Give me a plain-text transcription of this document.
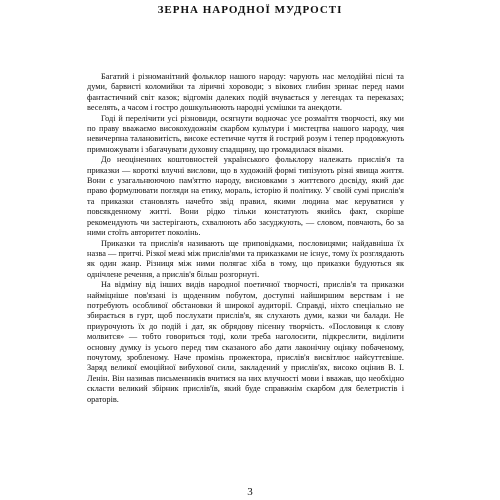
ЗЕРНА НАРОДНОЇ МУДРОСТІ

Багатий і різноманітний фольклор нашого народу: чарують нас мелодійні пісні та думи, барвисті коломийки та ліричні хороводи; з вікових глибин зринає перед нами фантастичний світ казок; відгомін далеких подій вчувається у легендах та переказах; веселять, а часом і гостро дошкульнюють народні усмішки та анекдоти.

Годі й перелічити усі різновиди, осягнути водночас усе розмаїття творчості, яку ми по праву вважаємо високохудожнім скарбом культури і мистецтва нашого народу, чия невичерпна талановитість, високе естетичне чуття й гострий розум і тепер продовжують примножувати і збагачувати духовну спадщину, що громадилася віками.

До неоціненних коштовностей українського фольклору належать прислів'я та приказки — короткі влучні вислови, що в художній формі типізують різні явища життя. Вони є узагальнюючою пам'яттю народу, висновками з життєвого досвіду, який дає право формулювати погляди на етику, мораль, історію й політику. У своїй сумі прислів'я та приказки становлять начебто звід правил, якими людина має керуватися у повсякденному житті. Вони рідко тільки констатують якийсь факт, скоріше рекомендують чи застерігають, схвалюють або засуджують, — словом, повчають, бо за ними стоїть авторитет поколінь.

Приказки та прислів'я називають ще приповідками, пословицями; найдавніша їх назва — притчі. Різкої межі між прислів'ями та приказками не існує, тому їх розглядають як один жанр. Різниця між ними полягає хіба в тому, що приказки будуються як однічлене речення, а прислів'я більш розгорнуті.

На відміну від інших видів народної поетичної творчості, прислів'я та приказки найміцніше пов'язані із щоденним побутом, доступні найширшим верствам і не потребують особливої обстановки й широкої аудиторії. Справді, ніхто спеціально не збирається в гурт, щоб послухати прислів'я, як слухають думи, казки чи балади. Не приурочують їх до подій і дат, як обрядову пісенну творчість. «Пословиця к слову молвится» — тобто говориться тоді, коли треба наголосити, підкреслити, виділити основну думку із усього перед тим сказаного або дати лаконічну оцінку побаченому, почутому, зробленому. Наче промінь прожектора, прислів'я висвітлює найсуттєвіше. Заряд великої емоційної вибухової сили, закладений у прислів'ях, високо оцінив В. І. Ленін. Він називав письменників вчитися на них влучності мови і вважав, що необхідно скласти великий збірник прислів'їв, який буде справжнім скарбом для белетристів і ораторів.

3
